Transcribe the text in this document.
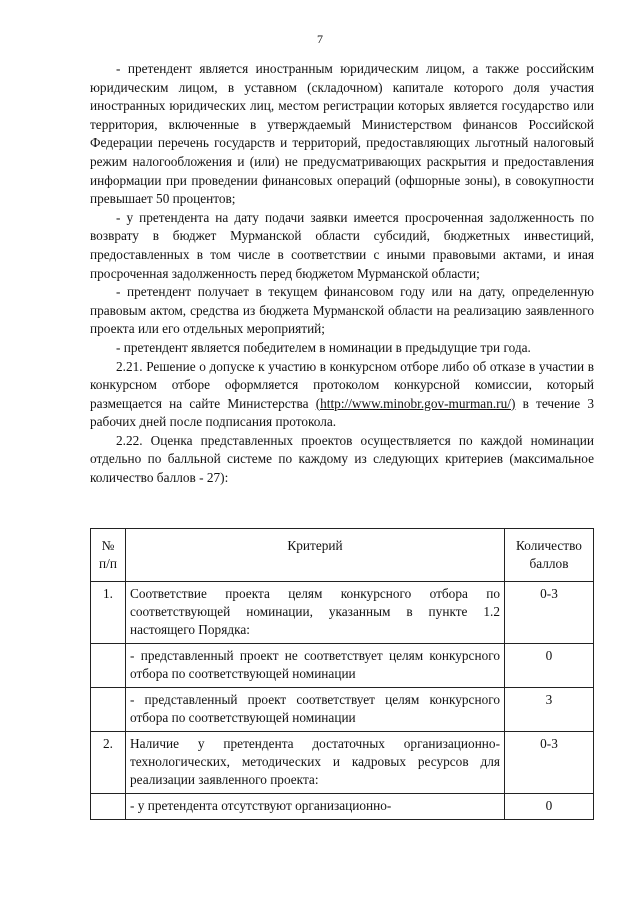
7

- претендент является иностранным юридическим лицом, а также российским юридическим лицом, в уставном (складочном) капитале которого доля участия иностранных юридических лиц, местом регистрации которых является государство или территория, включенные в утверждаемый Министерством финансов Российской Федерации перечень государств и территорий, предоставляющих льготный налоговый режим налогообложения и (или) не предусматривающих раскрытия и предоставления информации при проведении финансовых операций (офшорные зоны), в совокупности превышает 50 процентов;

- у претендента на дату подачи заявки имеется просроченная задолженность по возврату в бюджет Мурманской области субсидий, бюджетных инвестиций, предоставленных в том числе в соответствии с иными правовыми актами, и иная просроченная задолженность перед бюджетом Мурманской области;

- претендент получает в текущем финансовом году или на дату, определенную правовым актом, средства из бюджета Мурманской области на реализацию заявленного проекта или его отдельных мероприятий;

- претендент является победителем в номинации в предыдущие три года.

2.21. Решение о допуске к участию в конкурсном отборе либо об отказе в участии в конкурсном отборе оформляется протоколом конкурсной комиссии, который размещается на сайте Министерства (http://www.minobr.gov-murman.ru/) в течение 3 рабочих дней после подписания протокола.

2.22. Оценка представленных проектов осуществляется по каждой номинации отдельно по балльной системе по каждому из следующих критериев (максимальное количество баллов - 27):

№ п/п	Критерий	Количество баллов
1.	Соответствие проекта целям конкурсного отбора по соответствующей номинации, указанным в пункте 1.2 настоящего Порядка:	0-3
	- представленный проект не соответствует целям конкурсного отбора по соответствующей номинации	0
	- представленный проект соответствует целям конкурсного отбора по соответствующей номинации	3
2.	Наличие у претендента достаточных организационно-технологических, методических и кадровых ресурсов для реализации заявленного проекта:	0-3
	- у претендента отсутствуют организационно-	0
